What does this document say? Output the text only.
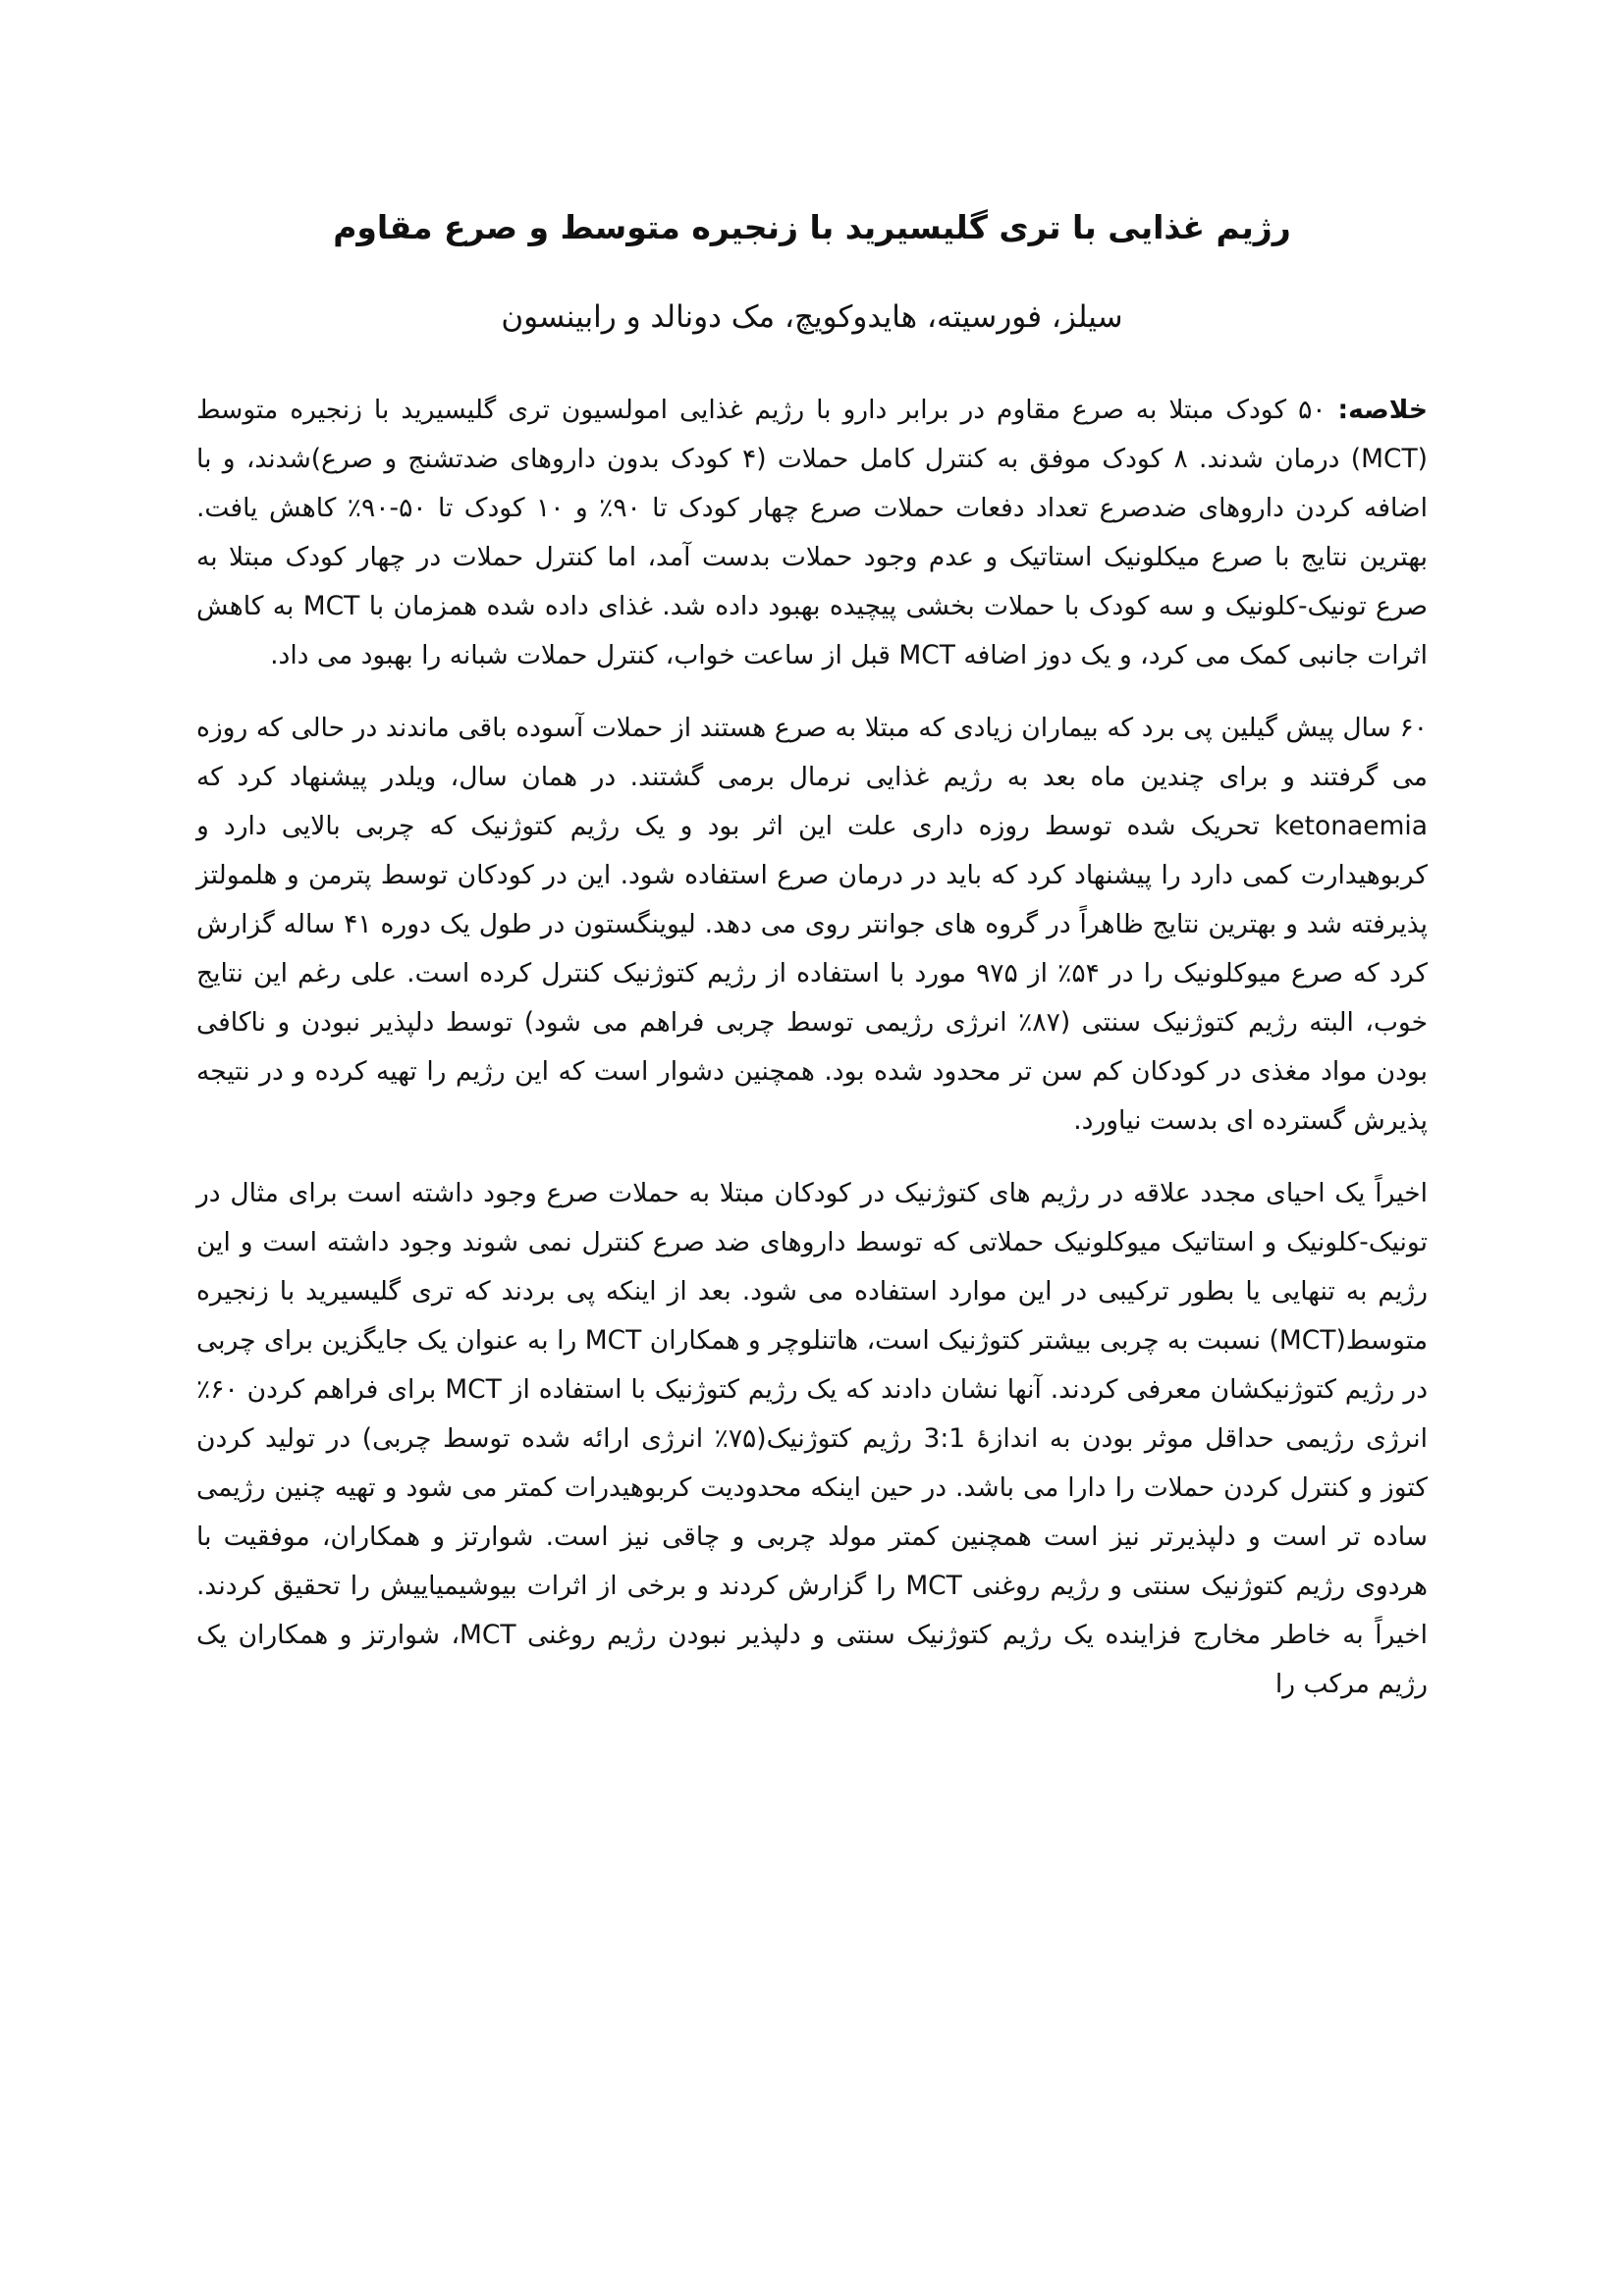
رژیم غذایی با تری گلیسیرید با زنجیره متوسط و صرع مقاوم

سیلز، فورسیته، هایدوکویچ، مک دونالد و رابینسون

خلاصه: ۵۰ کودک مبتلا به صرع مقاوم در برابر دارو با رژیم غذایی امولسیون تری گلیسیرید با زنجیره متوسط (MCT) درمان شدند. ۸ کودک موفق به کنترل کامل حملات (۴ کودک بدون داروهای ضدتشنج و صرع)شدند، و با اضافه کردن داروهای ضدصرع تعداد دفعات حملات صرع چهار کودک تا ۹۰٪ و ۱۰ کودک تا ۵۰-۹۰٪ کاهش یافت. بهترین نتایج با صرع میکلونیک استاتیک و عدم وجود حملات بدست آمد، اما کنترل حملات در چهار کودک مبتلا به صرع تونیک-کلونیک و سه کودک با حملات بخشی پیچیده بهبود داده شد. غذای داده شده همزمان با MCT به کاهش اثرات جانبی کمک می کرد، و یک دوز اضافه MCT قبل از ساعت خواب، کنترل حملات شبانه را بهبود می داد.

۶۰ سال پیش گیلین پی برد که بیماران زیادی که مبتلا به صرع هستند از حملات آسوده باقی ماندند در حالی که روزه می گرفتند و برای چندین ماه بعد به رژیم غذایی نرمال برمی گشتند. در همان سال، ویلدر پیشنهاد کرد که ketonaemia تحریک شده توسط روزه داری علت این اثر بود و یک رژیم کتوژنیک که چربی بالایی دارد و کربوهیدارت کمی دارد را پیشنهاد کرد که باید در درمان صرع استفاده شود. این در کودکان توسط پترمن و هلمولتز پذیرفته شد و بهترین نتایج ظاهراً در گروه های جوانتر روی می دهد. لیوینگستون در طول یک دوره ۴۱ ساله گزارش کرد که صرع میوکلونیک را در ۵۴٪ از ۹۷۵ مورد با استفاده از رژیم کتوژنیک کنترل کرده است. علی رغم این نتایج خوب، البته رژیم کتوژنیک سنتی (۸۷٪ انرژی رژیمی توسط چربی فراهم می شود) توسط دلپذیر نبودن و ناکافی بودن مواد مغذی در کودکان کم سن تر محدود شده بود. همچنین دشوار است که این رژیم را تهیه کرده و در نتیجه پذیرش گسترده ای بدست نیاورد.

اخیراً یک احیای مجدد علاقه در رژیم های کتوژنیک در کودکان مبتلا به حملات صرع وجود داشته است برای مثال در تونیک-کلونیک و استاتیک میوکلونیک حملاتی که توسط داروهای ضد صرع کنترل نمی شوند وجود داشته است و این رژیم به تنهایی یا بطور ترکیبی در این موارد استفاده می شود. بعد از اینکه پی بردند که تری گلیسیرید با زنجیره متوسط(MCT) نسبت به چربی بیشتر کتوژنیک است، هاتنلوچر و همکاران MCT را به عنوان یک جایگزین برای چربی در رژیم کتوژنیکشان معرفی کردند. آنها نشان دادند که یک رژیم کتوژنیک با استفاده از MCT برای فراهم کردن ۶۰٪ انرژی رژیمی حداقل موثر بودن به اندازهٔ 3:1 رژیم کتوژنیک(۷۵٪ انرژی ارائه شده توسط چربی) در تولید کردن کتوز و کنترل کردن حملات را دارا می باشد. در حین اینکه محدودیت کربوهیدرات کمتر می شود و تهیه چنین رژیمی ساده تر است و دلپذیرتر نیز است همچنین کمتر مولد چربی و چاقی نیز است. شوارتز و همکاران، موفقیت با هردوی رژیم کتوژنیک سنتی و رژیم روغنی MCT را گزارش کردند و برخی از اثرات بیوشیمیاییش را تحقیق کردند. اخیراً به خاطر مخارج فزاینده یک رژیم کتوژنیک سنتی و دلپذیر نبودن رژیم روغنی MCT، شوارتز و همکاران یک رژیم مرکب را
